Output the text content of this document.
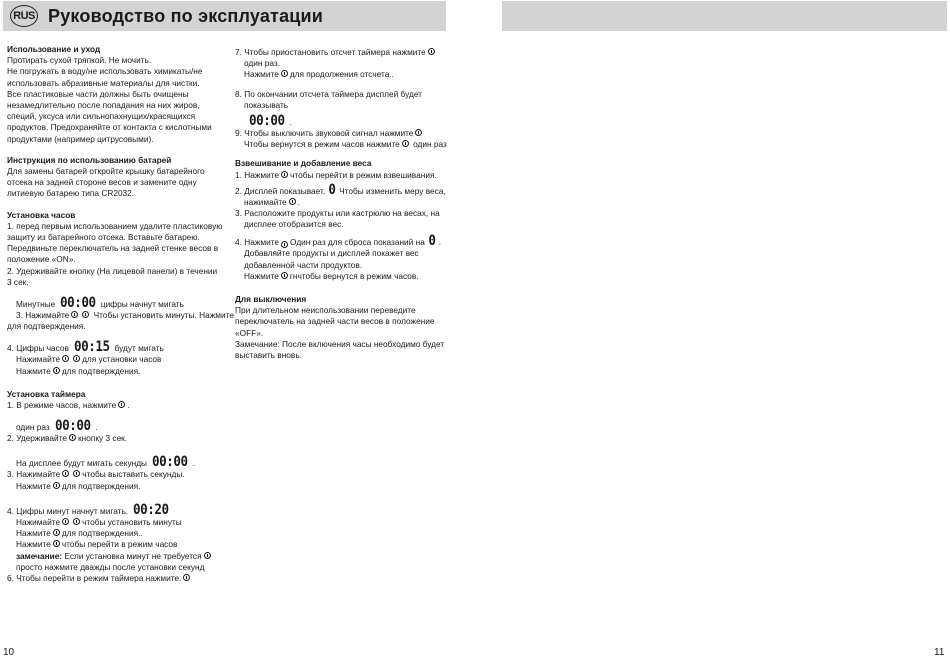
RUS Руководство по эксплуатации

Использование и уход

Протирать сухой тряпкой. Не мочить.

Не погружать в воду/не использовать химикаты/не

использовать абразивные материалы для чистки.

Все пластиковые части должны быть очищены

незамедлительно после попадания на них жиров,

специй, уксуса или сильнопахнущих/красящихся

продуктов. Предохраняйте от контакта с кислотными

продуктами (например цитрусовыми).

Инструкция по использованию батарей

Для замены батарей откройте крышку батарейного

отсека на задней стороне весов и замените одну

литиевую батарею типа CR2032.

Установка часов

1. перед первым использованием удалите пластиковую

защиту из батарейного отсека. Вставьте батарею.

Передвиньте переключатель на задней стенке весов в

положение «ON».

2. Удерживайте кнопку (На лицевой панели) в течении

3 сек.

Минутные 00:00 цифры начнут мигать

3. Нажимайте	Чтобы установить минуты. Нажмите

для подтверждения.

4. Цифры часов 00:15 будут мигать

Нажимайте	для установки часов

Нажмите для подтверждения.

Установка таймера

1. В режиме часов, нажмите .

один раз 00:00 .

2. Удерживайте кнопку 3 сек.

На дисплее будут мигать секунды 00:00 .

3. Нажимайте	чтобы выставить секунды.

Нажмите для подтверждения.

4. Цифры минут начнут мигать. 00:20

Нажимайте	чтобы установить минуты

Нажмите для подтверждения..

Нажмите чтобы перейти в режим часов

замечание: Если установка минут не требуется

просто нажмите дважды после установки секунд

6. Чтобы перейти в режим таймера нажмите.

7. Чтобы приостановить отсчет таймера нажмите

один раз.

Нажмите для продолжения отсчета..

8. По окончании отсчета таймера дисплей будет

показывать

00:00 .

9. Чтобы выключить звуковой сигнал нажмите

Чтобы вернутся в режим часов нажмите один раз

Взвешивание и добавление веса

1. Нажмите чтобы перейти в режим взвешивания.

2. Дисплей показывает. 0 Чтобы изменить меру веса,

нажимайте .

3. Расположите продукты или кастрюлю на весах, на

дисплее отобразится вес.

4. Нажмите Один раз для сброса показаний на 0 .

Добавляйте продукты и дисплей покажет вес

добавленной части продуктов.

Нажмите гнчтобы вернутся в режим часов.

Для выключения

При длительном неиспользовании переведите

переключатель на задней части весов в положение

«OFF».

Замечание: После включения часы необходимо будет

выставить вновь.

10	11
